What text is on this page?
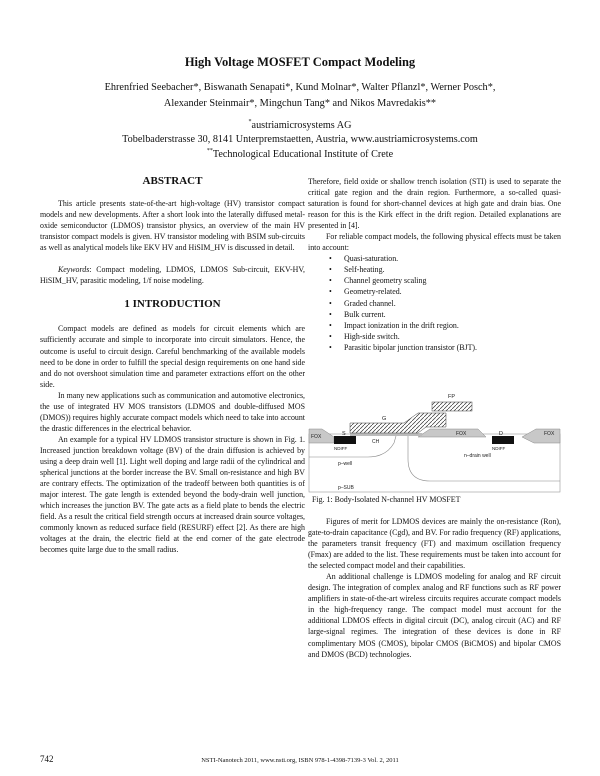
High Voltage MOSFET Compact Modeling
Ehrenfried Seebacher*, Biswanath Senapati*, Kund Molnar*, Walter Pflanzl*, Werner Posch*,
Alexander Steinmair*, Mingchun Tang* and Nikos Mavredakis**
*austriamicrosystems AG
Tobelbaderstrasse 30, 8141 Unterpremstaetten, Austria, www.austriamicrosystems.com
**Technological Educational Institute of Crete
ABSTRACT

This article presents state-of-the-art high-voltage (HV) transistor compact models and new developments. After a short look into the laterally diffused metal-oxide semiconductor (LDMOS) transistor physics, an overview of the main HV transistor compact models is given. HV transistor modeling with BSIM sub-circuits as well as analytical models like EKV HV and HiSIM_HV is discussed in detail.

Keywords: Compact modeling, LDMOS, LDMOS Sub-circuit, EKV-HV, HiSIM_HV, parasitic modeling, 1/f noise modeling.

1 INTRODUCTION

Compact models are defined as models for circuit elements which are sufficiently accurate and simple to incorporate into circuit simulators. Hence, the outcome is useful to circuit design. Careful benchmarking of the available models need to be done in order to fulfill the special design requirements on one hand side and do not overshoot simulation time and parameter extractions effort on the other side.

In many new applications such as communication and automotive electronics, the use of integrated HV MOS transistors (LDMOS and double-diffused MOS (DMOS)) requires highly accurate compact models which need to take into account the drastic differences in the electrical behavior.

An example for a typical HV LDMOS transistor structure is shown in Fig. 1. Increased junction breakdown voltage (BV) of the drain diffusion is achieved by using a deep drain well [1]. Light well doping and large radii of the cylindrical and spherical junctions at the border increase the BV. Small on-resistance and high BV are contrary effects. The optimization of the tradeoff between both quantities is of major interest. The gate length is extended beyond the body-drain well junction, which increases the junction BV. The gate acts as a field plate to bends the electric field. As a result the critical field strength occurs at increased drain source voltages, commonly known as reduced surface field (RESURF) effect [2]. As there are high voltages at the drain, the electric field at the end corner of the gate electrode becomes quite large due to the small radius.

Therefore, field oxide or shallow trench isolation (STI) is used to separate the critical gate region and the drain region. Furthermore, a so-called quasi-saturation is found for short-channel devices at high gate and drain bias. One reason for this is the Kirk effect in the drift region. Detailed explanations are presented in [4].

For reliable compact models, the following physical effects must be taken into account:

• Quasi-saturation.
• Self-heating.
• Channel geometry scaling
• Geometry-related.
• Graded channel.
• Bulk current.
• Impact ionization in the drift region.
• High-side switch.
• Parasitic bipolar junction transistor (BJT).
FP
G
FOX	S
CH
FOX	D	FOX
NDIFF	NDIFF
p–well
n–drain well
p–SUB
Fig. 1: Body-Isolated N-channel HV MOSFET

Figures of merit for LDMOS devices are mainly the on-resistance (Ron), gate-to-drain capacitance (Cgd), and BV. For radio frequency (RF) applications, the parameters transit frequency (FT) and maximum oscillation frequency (Fmax) are added to the list. These requirements must be taken into account for the selected compact model and their capabilities.

An additional challenge is LDMOS modeling for analog and RF circuit design. The integration of complex analog and RF functions such as RF power amplifiers in state-of-the-art wireless circuits requires accurate compact models in the high-frequency range. The compact model must account for the additional LDMOS effects in digital circuit (DC), analog circuit (AC) and RF large-signal regimes. The integration of these devices is done in RF complimentary MOS (CMOS), bipolar CMOS (BiCMOS) and bipolar CMOS and DMOS (BCD) technologies.

742	NSTI-Nanotech 2011, www.nsti.org, ISBN 978-1-4398-7139-3 Vol. 2, 2011
